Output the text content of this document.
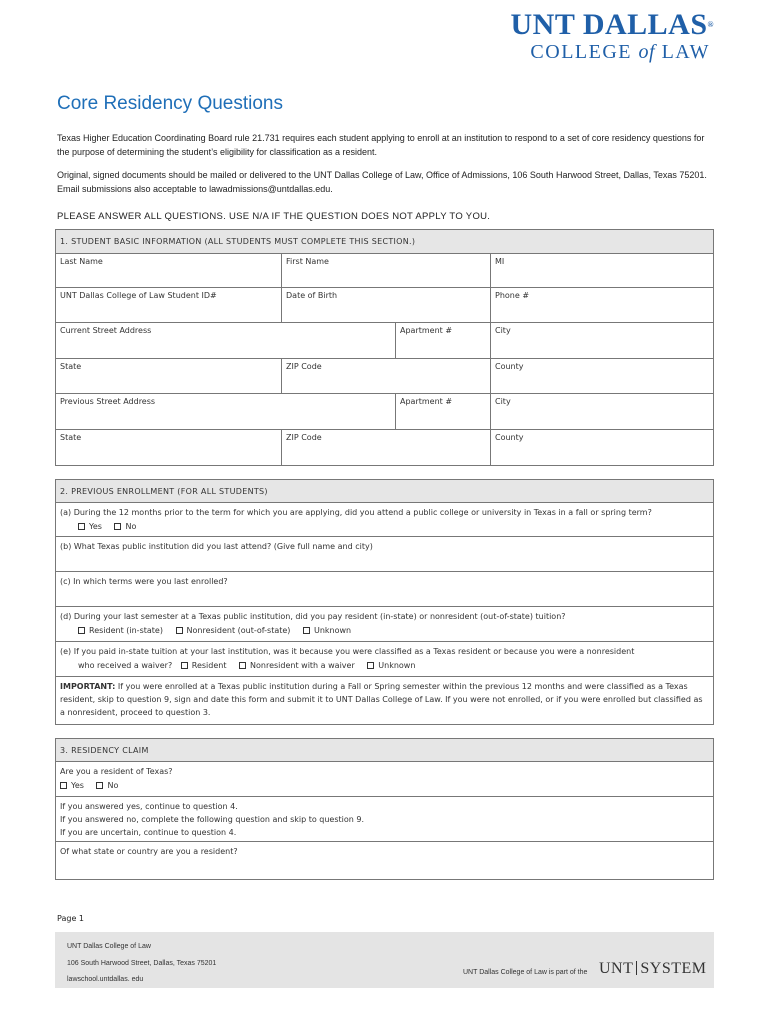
UNT DALLAS®
COLLEGE of LAW
Core Residency Questions
Texas Higher Education Coordinating Board rule 21.731 requires each student applying to enroll at an institution to respond to a set of core residency questions for the purpose of determining the student’s eligibility for classification as a resident.
Original, signed documents should be mailed or delivered to the UNT Dallas College of Law, Office of Admissions, 106 South Harwood Street, Dallas, Texas 75201. Email submissions also acceptable to lawadmissions@untdallas.edu.
PLEASE ANSWER ALL QUESTIONS. USE N/A IF THE QUESTION DOES NOT APPLY TO YOU.
1. STUDENT BASIC INFORMATION (ALL STUDENTS MUST COMPLETE THIS SECTION.)
Last Name	First Name	MI
UNT Dallas College of Law Student ID#	Date of Birth	Phone #
Current Street Address	Apartment #	City
State	ZIP Code	County
Previous Street Address	Apartment #	City
State	ZIP Code	County
2. PREVIOUS ENROLLMENT (FOR ALL STUDENTS)
(a) During the 12 months prior to the term for which you are applying, did you attend a public college or university in Texas in a fall or spring term?
Yes	No
(b) What Texas public institution did you last attend? (Give full name and city)
(c) In which terms were you last enrolled?
(d) During your last semester at a Texas public institution, did you pay resident (in-state) or nonresident (out-of-state) tuition?
Resident (in-state)	Nonresident (out-of-state)	Unknown
(e) If you paid in-state tuition at your last institution, was it because you were classified as a Texas resident or because you were a nonresident
who received a waiver? Resident	Nonresident with a waiver	Unknown
IMPORTANT: If you were enrolled at a Texas public institution during a Fall or Spring semester within the previous 12 months and were classified as a Texas resident, skip to question 9, sign and date this form and submit it to UNT Dallas College of Law. If you were not enrolled, or if you were enrolled but classified as a nonresident, proceed to question 3.
3. RESIDENCY CLAIM
Are you a resident of Texas?
Yes	No
If you answered yes, continue to question 4.
If you answered no, complete the following question and skip to question 9.
If you are uncertain, continue to question 4.
Of what state or country are you a resident?
Page 1
UNT Dallas College of Law
106 South Harwood Street, Dallas, Texas 75201
lawschool.untdallas. edu
UNT Dallas College of Law is part of the UNT SYSTEM
